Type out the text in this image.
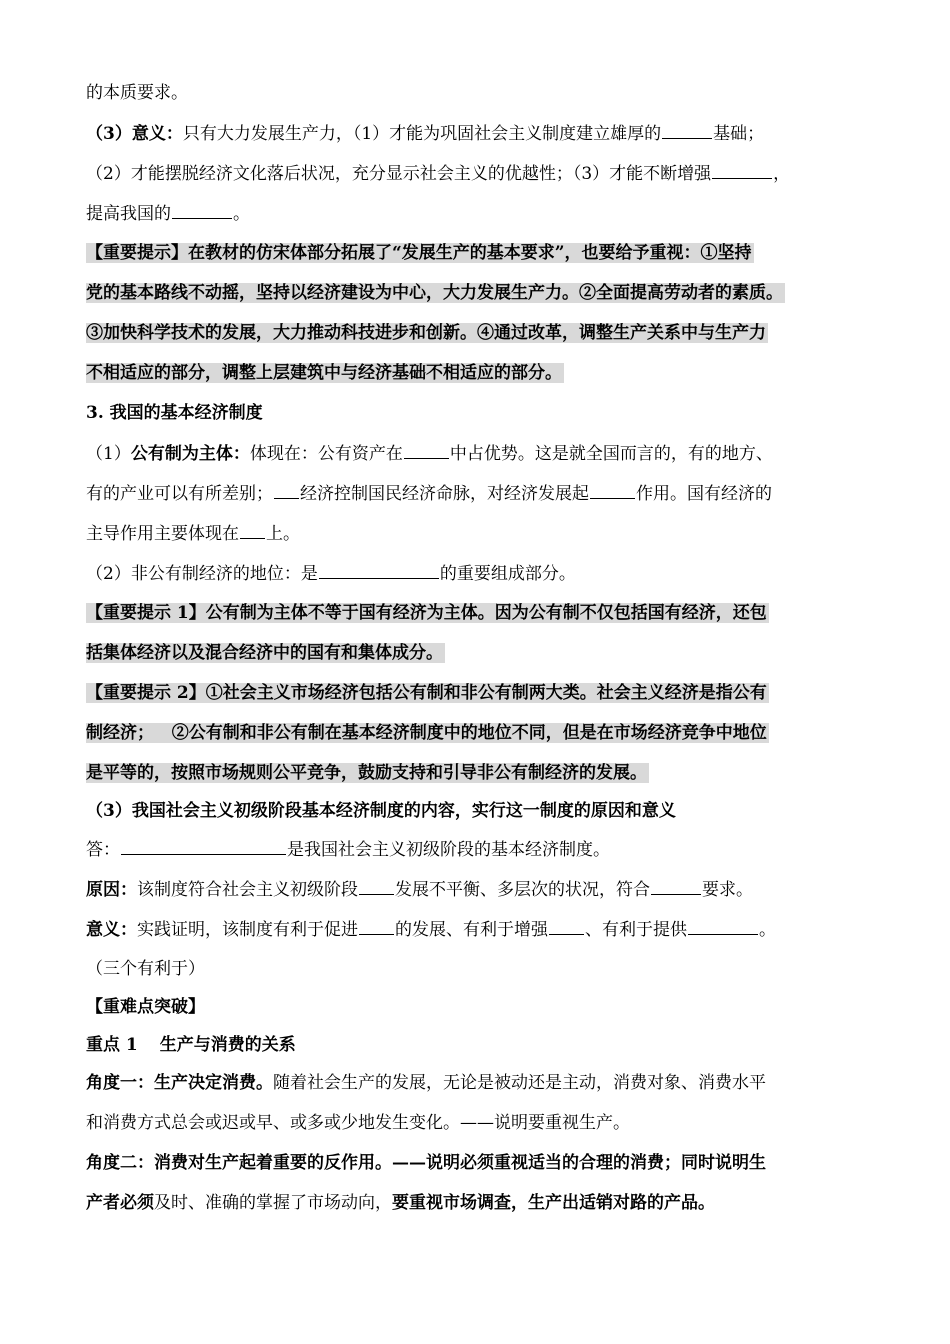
的本质要求。
（3）意义：只有大力发展生产力，（1）才能为巩固社会主义制度建立雄厚的	基础；
（2）才能摆脱经济文化落后状况，充分显示社会主义的优越性；（3）才能不断增强	，
提高我国的	。
【重要提示】在教材的仿宋体部分拓展了“发展生产的基本要求”，也要给予重视：①坚持
党的基本路线不动摇，坚持以经济建设为中心，大力发展生产力。②全面提高劳动者的素质。
③加快科学技术的发展，大力推动科技进步和创新。④通过改革，调整生产关系中与生产力
不相适应的部分，调整上层建筑中与经济基础不相适应的部分。
3. 我国的基本经济制度
（1）公有制为主体：体现在：公有资产在	中占优势。这是就全国而言的，有的地方、
有的产业可以有所差别； 经济控制国民经济命脉，对经济发展起	作用。国有经济的
主导作用主要体现在 上。
（2）非公有制经济的地位：是	的重要组成部分。
【重要提示 1】公有制为主体不等于国有经济为主体。因为公有制不仅包括国有经济，还包
括集体经济以及混合经济中的国有和集体成分。
【重要提示 2】①社会主义市场经济包括公有制和非公有制两大类。社会主义经济是指公有
制经济；   ②公有制和非公有制在基本经济制度中的地位不同，但是在市场经济竞争中地位
是平等的，按照市场规则公平竞争，鼓励支持和引导非公有制经济的发展。
（3）我国社会主义初级阶段基本经济制度的内容，实行这一制度的原因和意义
答：	是我国社会主义初级阶段的基本经济制度。
原因：该制度符合社会主义初级阶段 发展不平衡、多层次的状况，符合	要求。
意义：实践证明，该制度有利于促进 的发展、有利于增强 、有利于提供	。
（三个有利于）
【重难点突破】
重点 1 生产与消费的关系
角度一：生产决定消费。随着社会生产的发展，无论是被动还是主动，消费对象、消费水平
和消费方式总会或迟或早、或多或少地发生变化。——说明要重视生产。
角度二：消费对生产起着重要的反作用。——说明必须重视适当的合理的消费；同时说明生
产者必须及时、准确的掌握了市场动向，要重视市场调查，生产出适销对路的产品。
